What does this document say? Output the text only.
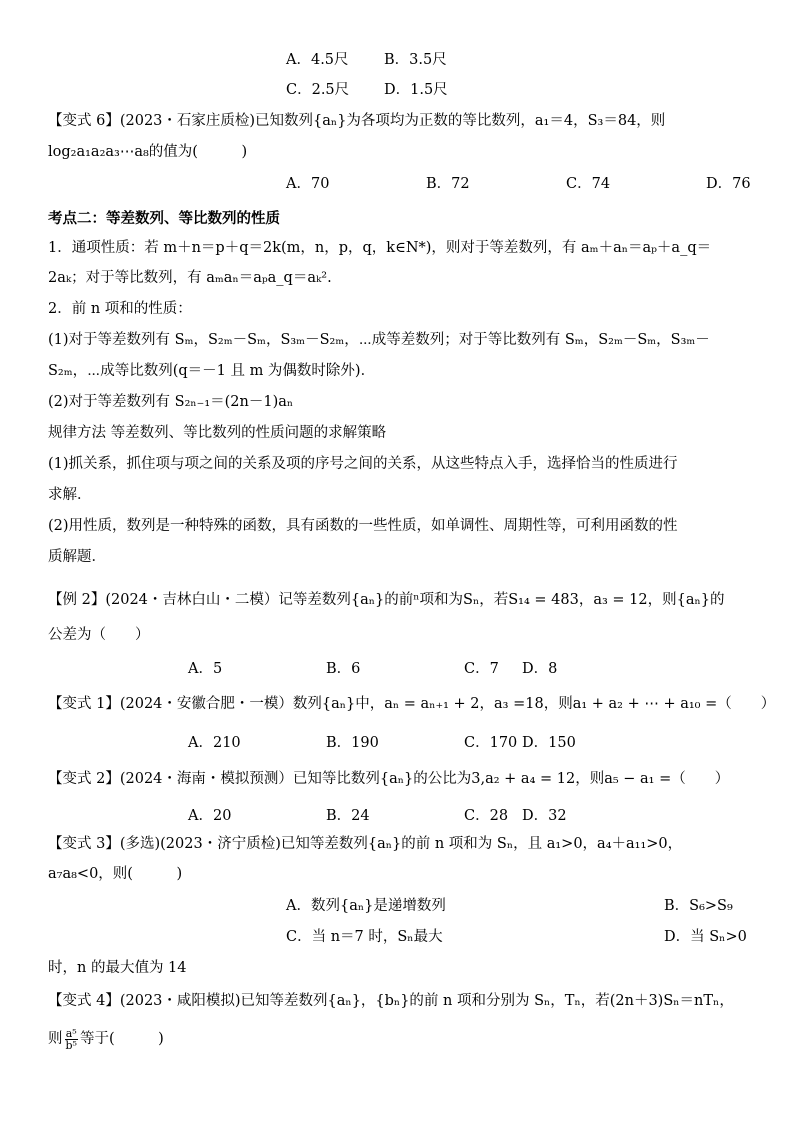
A．4.5尺 B．3.5尺
C．2.5尺 D．1.5尺
【变式 6】(2023・石家庄质检)已知数列{aₙ}为各项均为正数的等比数列，a₁＝4，S₃＝84，则
log₂a₁a₂a₃⋯a₈的值为(　　　)
A．70	B．72	C．74	D．76
考点二：等差数列、等比数列的性质
1．通项性质：若 m＋n＝p＋q＝2k(m，n，p，q，k∈N*)，则对于等差数列，有 aₘ＋aₙ＝aₚ＋a_q＝
2aₖ；对于等比数列，有 aₘaₙ＝aₚa_q＝aₖ².
2．前 n 项和的性质：
(1)对于等差数列有 Sₘ，S₂ₘ－Sₘ，S₃ₘ－S₂ₘ，⋯成等差数列；对于等比数列有 Sₘ，S₂ₘ－Sₘ，S₃ₘ－
S₂ₘ，⋯成等比数列(q＝－1 且 m 为偶数时除外)．
(2)对于等差数列有 S₂ₙ₋₁＝(2n－1)aₙ
规律方法 等差数列、等比数列的性质问题的求解策略
(1)抓关系，抓住项与项之间的关系及项的序号之间的关系，从这些特点入手，选择恰当的性质进行
求解．
(2)用性质，数列是一种特殊的函数，具有函数的一些性质，如单调性、周期性等，可利用函数的性
质解题．
【例 2】(2024・吉林白山・二模）记等差数列{aₙ}的前ⁿ项和为Sₙ，若S₁₄ = 483，a₃ = 12，则{aₙ}的
公差为（　　）
A．5	B．6	C．7 D．8
【变式 1】(2024・安徽合肥・一模）数列{aₙ}中，aₙ = aₙ₊₁ + 2，a₃ =18，则a₁ + a₂ + ⋯ + a₁₀ =（　　）
A．210	B．190	C．170 D．150
【变式 2】(2024・海南・模拟预测）已知等比数列{aₙ}的公比为3,a₂ + a₄ = 12，则a₅ − a₁ =（　　）
A．20	B．24	C．28 D．32
【变式 3】(多选)(2023・济宁质检)已知等差数列{aₙ}的前 n 项和为 Sₙ，且 a₁>0，a₄＋a₁₁>0，
a₇a₈<0，则(　　　)
A．数列{aₙ}是递增数列	B．S₆>S₉
C．当 n＝7 时，Sₙ最大	D．当 Sₙ>0
时，n 的最大值为 14
【变式 4】(2023・咸阳模拟)已知等差数列{aₙ}，{bₙ}的前 n 项和分别为 Sₙ，Tₙ，若(2n＋3)Sₙ＝nTₙ，
则 $\frac{\text{a⁵}}{\text{b⁵}}$ 等于(　　　)
